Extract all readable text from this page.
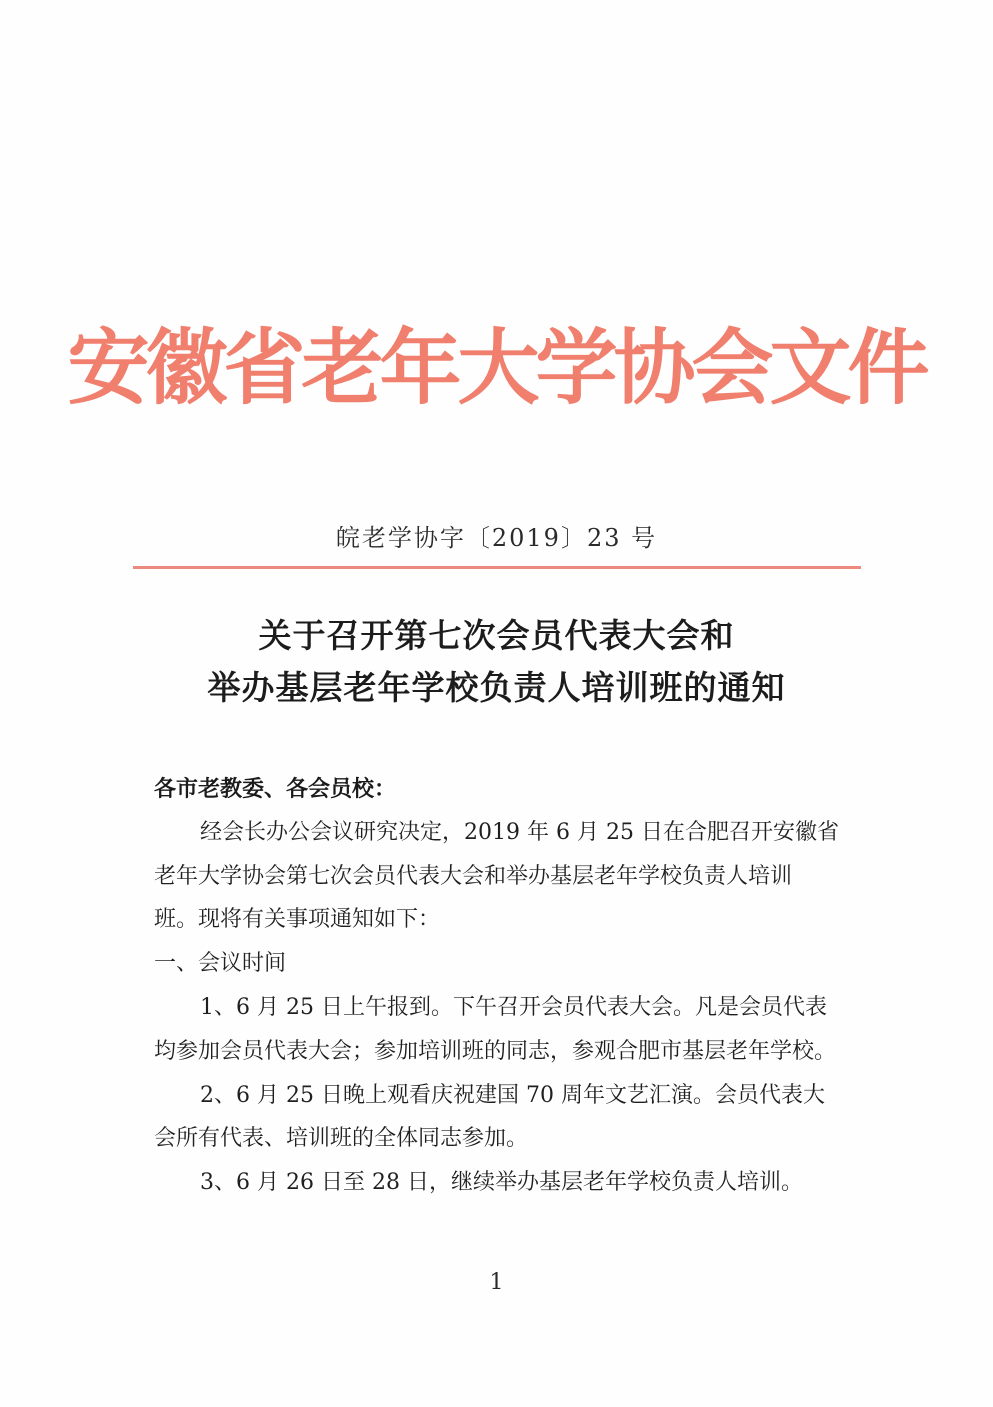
安徽省老年大学协会文件
皖老学协字〔2019〕23 号
关于召开第七次会员代表大会和
举办基层老年学校负责人培训班的通知
各市老教委、各会员校：
经会长办公会议研究决定，2019 年 6 月 25 日在合肥召开安徽省
老年大学协会第七次会员代表大会和举办基层老年学校负责人培训
班。现将有关事项通知如下：
一、会议时间
1、6 月 25 日上午报到。下午召开会员代表大会。凡是会员代表
均参加会员代表大会；参加培训班的同志，参观合肥市基层老年学校。
2、6 月 25 日晚上观看庆祝建国 70 周年文艺汇演。会员代表大
会所有代表、培训班的全体同志参加。
3、6 月 26 日至 28 日，继续举办基层老年学校负责人培训。
1
